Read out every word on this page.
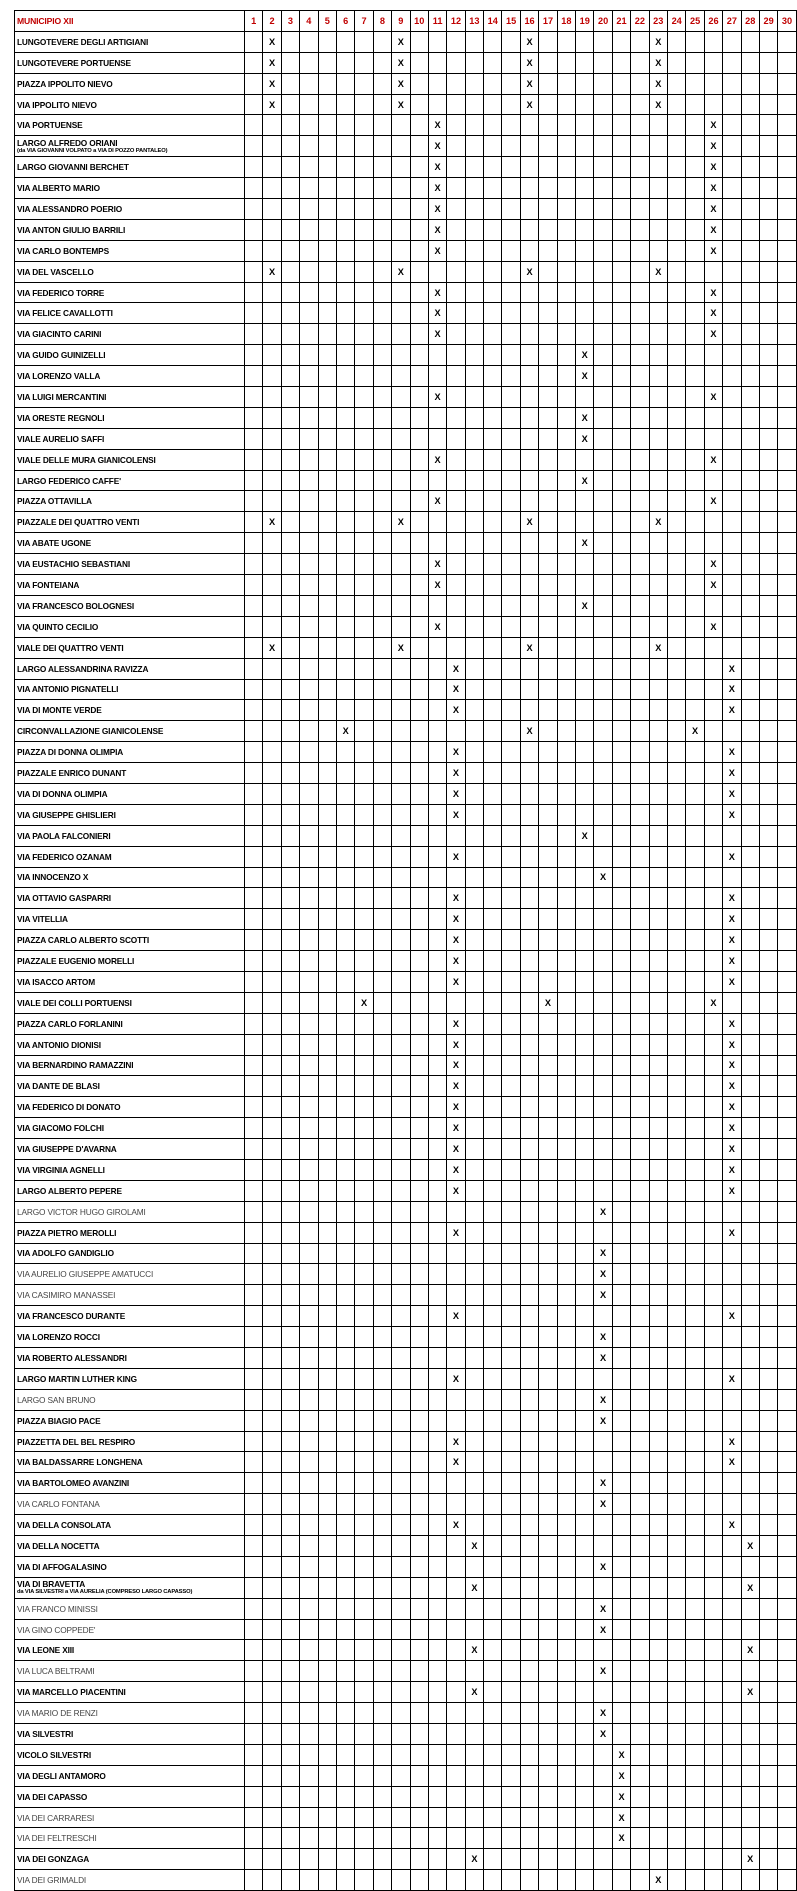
MUNICIPIO XII	1	2	3	4	5	6	7	8	9	10	11	12	13	14	15	16	17	18	19	20	21	22	23	24	25	26	27	28	29	30
LUNGOTEVERE DEGLI ARTIGIANI		X							X							X							X							
LUNGOTEVERE PORTUENSE		X							X							X							X							
PIAZZA IPPOLITO NIEVO		X							X							X							X							
VIA IPPOLITO NIEVO		X							X							X							X							
VIA PORTUENSE											X															X				

LARGO ALFREDO ORIANI
(da VIA GIOVANNI VOLPATO a VIA DI POZZO PANTALEO)											X															X				
LARGO GIOVANNI BERCHET											X															X				
VIA ALBERTO MARIO											X															X				
VIA ALESSANDRO POERIO											X															X				
VIA ANTON GIULIO BARRILI											X															X				
VIA CARLO BONTEMPS											X															X				
VIA DEL VASCELLO		X							X							X							X							
VIA FEDERICO TORRE											X															X				
VIA FELICE CAVALLOTTI											X															X				
VIA GIACINTO CARINI											X															X				
VIA GUIDO GUINIZELLI																			X											
VIA LORENZO VALLA																			X											
VIA LUIGI MERCANTINI											X															X				
VIA ORESTE REGNOLI																			X											
VIALE AURELIO SAFFI																			X											
VIALE DELLE MURA GIANICOLENSI											X															X				
LARGO FEDERICO CAFFE'																			X											
PIAZZA OTTAVILLA											X															X				
PIAZZALE DEI QUATTRO VENTI		X							X							X							X							
VIA ABATE UGONE																			X											
VIA EUSTACHIO SEBASTIANI											X															X				
VIA FONTEIANA											X															X				
VIA FRANCESCO BOLOGNESI																			X											
VIA QUINTO CECILIO											X															X				
VIALE DEI QUATTRO VENTI		X							X							X							X							
LARGO ALESSANDRINA RAVIZZA												X															X			
VIA ANTONIO PIGNATELLI												X															X			
VIA DI MONTE VERDE												X															X			
CIRCONVALLAZIONE GIANICOLENSE						X										X									X					
PIAZZA DI DONNA OLIMPIA												X															X			
PIAZZALE ENRICO DUNANT												X															X			
VIA DI DONNA OLIMPIA												X															X			
VIA GIUSEPPE GHISLIERI												X															X			
VIA PAOLA FALCONIERI																			X											
VIA FEDERICO OZANAM												X															X			
VIA INNOCENZO X																				X										
VIA OTTAVIO GASPARRI												X															X			
VIA VITELLIA												X															X			
PIAZZA CARLO ALBERTO SCOTTI												X															X			
PIAZZALE EUGENIO MORELLI												X															X			
VIA ISACCO ARTOM												X															X			
VIALE DEI COLLI PORTUENSI							X										X									X				
PIAZZA CARLO FORLANINI												X															X			
VIA ANTONIO DIONISI												X															X			
VIA BERNARDINO RAMAZZINI												X															X			
VIA DANTE DE BLASI												X															X			
VIA FEDERICO DI DONATO												X															X			
VIA GIACOMO FOLCHI												X															X			
VIA GIUSEPPE D'AVARNA												X															X			
VIA VIRGINIA AGNELLI												X															X			
LARGO ALBERTO PEPERE												X															X			
LARGO VICTOR HUGO GIROLAMI																				X										
PIAZZA PIETRO MEROLLI												X															X			
VIA ADOLFO GANDIGLIO																				X										
VIA AURELIO GIUSEPPE AMATUCCI																				X										
VIA CASIMIRO MANASSEI																				X										
VIA FRANCESCO DURANTE												X															X			
VIA LORENZO ROCCI																				X										
VIA ROBERTO ALESSANDRI																				X										
LARGO MARTIN LUTHER KING												X															X			
LARGO SAN BRUNO																				X										
PIAZZA BIAGIO PACE																				X										
PIAZZETTA DEL BEL RESPIRO												X															X			
VIA BALDASSARRE LONGHENA												X															X			
VIA BARTOLOMEO AVANZINI																				X										
VIA CARLO FONTANA																				X										
VIA DELLA CONSOLATA												X															X			
VIA DELLA NOCETTA													X															X		
VIA DI AFFOGALASINO																				X										

VIA DI BRAVETTA
da VIA SILVESTRI a VIA AURELIA (COMPRESO LARGO CAPASSO)													X															X		
VIA FRANCO MINISSI																				X										
VIA GINO COPPEDE'																				X										
VIA LEONE XIII													X															X		
VIA LUCA BELTRAMI																				X										
VIA MARCELLO PIACENTINI													X															X		
VIA MARIO DE RENZI																				X										
VIA SILVESTRI																				X										
VICOLO SILVESTRI																					X									
VIA DEGLI ANTAMORO																					X									
VIA DEI CAPASSO																					X									
VIA DEI CARRARESI																					X									
VIA DEI FELTRESCHI																					X									
VIA DEI GONZAGA													X															X		
VIA DEI GRIMALDI																							X							
